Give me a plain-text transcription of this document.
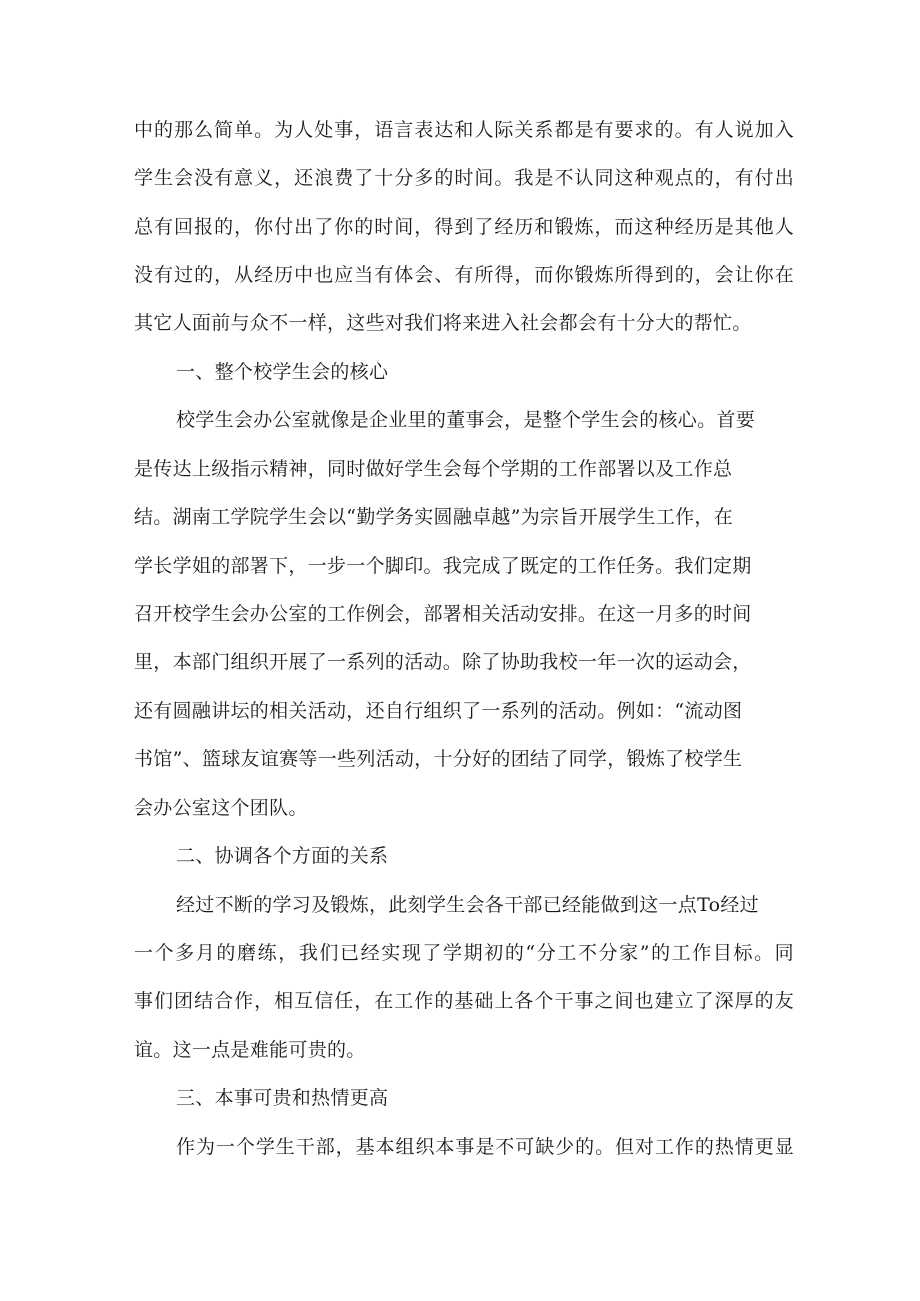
中的那么简单。为人处事，语言表达和人际关系都是有要求的。有人说加入
学生会没有意义，还浪费了十分多的时间。我是不认同这种观点的，有付出
总有回报的，你付出了你的时间，得到了经历和锻炼，而这种经历是其他人
没有过的，从经历中也应当有体会、有所得，而你锻炼所得到的，会让你在
其它人面前与众不一样，这些对我们将来进入社会都会有十分大的帮忙。
一、整个校学生会的核心
校学生会办公室就像是企业里的董事会，是整个学生会的核心。首要
是传达上级指示精神，同时做好学生会每个学期的工作部署以及工作总
结。湖南工学院学生会以“勤学务实圆融卓越”为宗旨开展学生工作，在
学长学姐的部署下，一步一个脚印。我完成了既定的工作任务。我们定期
召开校学生会办公室的工作例会，部署相关活动安排。在这一月多的时间
里，本部门组织开展了一系列的活动。除了协助我校一年一次的运动会，
还有圆融讲坛的相关活动，还自行组织了一系列的活动。例如：“流动图
书馆”、篮球友谊赛等一些列活动，十分好的团结了同学，锻炼了校学生
会办公室这个团队。
二、协调各个方面的关系
经过不断的学习及锻炼，此刻学生会各干部已经能做到这一点To经过
一个多月的磨练，我们已经实现了学期初的“分工不分家”的工作目标。同
事们团结合作，相互信任，在工作的基础上各个干事之间也建立了深厚的友
谊。这一点是难能可贵的。
三、本事可贵和热情更高
作为一个学生干部，基本组织本事是不可缺少的。但对工作的热情更显
